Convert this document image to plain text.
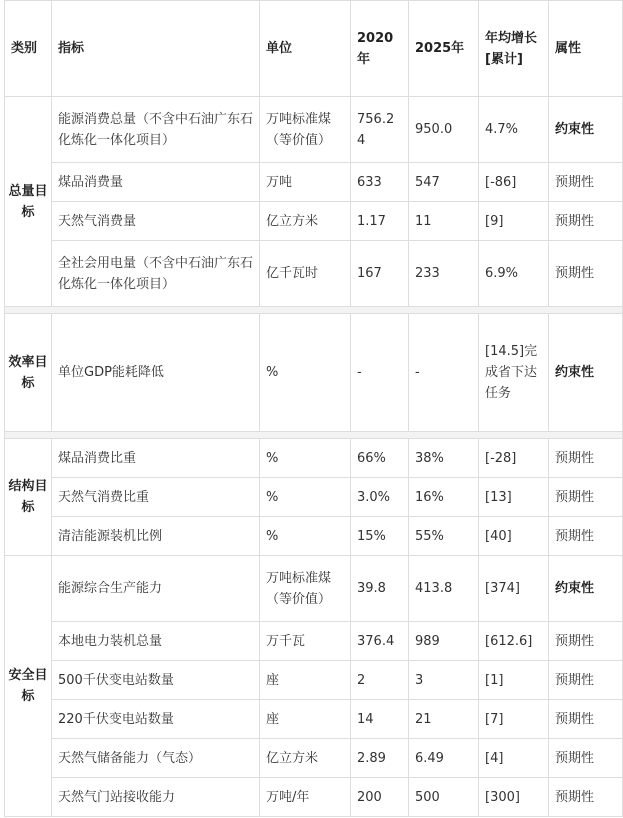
类别	指标	单位	2020年	2025年	年均增长[累计]	属性

总量目标	能源消费总量（不含中石油广东石化炼化一体化项目）	万吨标准煤（等价值）	756.24	950.0	4.7%	约束性
	煤品消费量	万吨	633	547	[-86]	预期性
	天然气消费量	亿立方米	1.17	11	[9]	预期性
	全社会用电量（不含中石油广东石化炼化一体化项目）	亿千瓦时	167	233	6.9%	预期性

效率目标	单位GDP能耗降低	%	-	-	[14.5]完成省下达任务	约束性

结构目标	煤品消费比重	%	66%	38%	[-28]	预期性
	天然气消费比重	%	3.0%	16%	[13]	预期性
	清洁能源装机比例	%	15%	55%	[40]	预期性

安全目标	能源综合生产能力	万吨标准煤（等价值）	39.8	413.8	[374]	约束性
	本地电力装机总量	万千瓦	376.4	989	[612.6]	预期性
	500千伏变电站数量	座	2	3	[1]	预期性
	220千伏变电站数量	座	14	21	[7]	预期性
	天然气储备能力（气态）	亿立方米	2.89	6.49	[4]	预期性
	天然气门站接收能力	万吨/年	200	500	[300]	预期性
